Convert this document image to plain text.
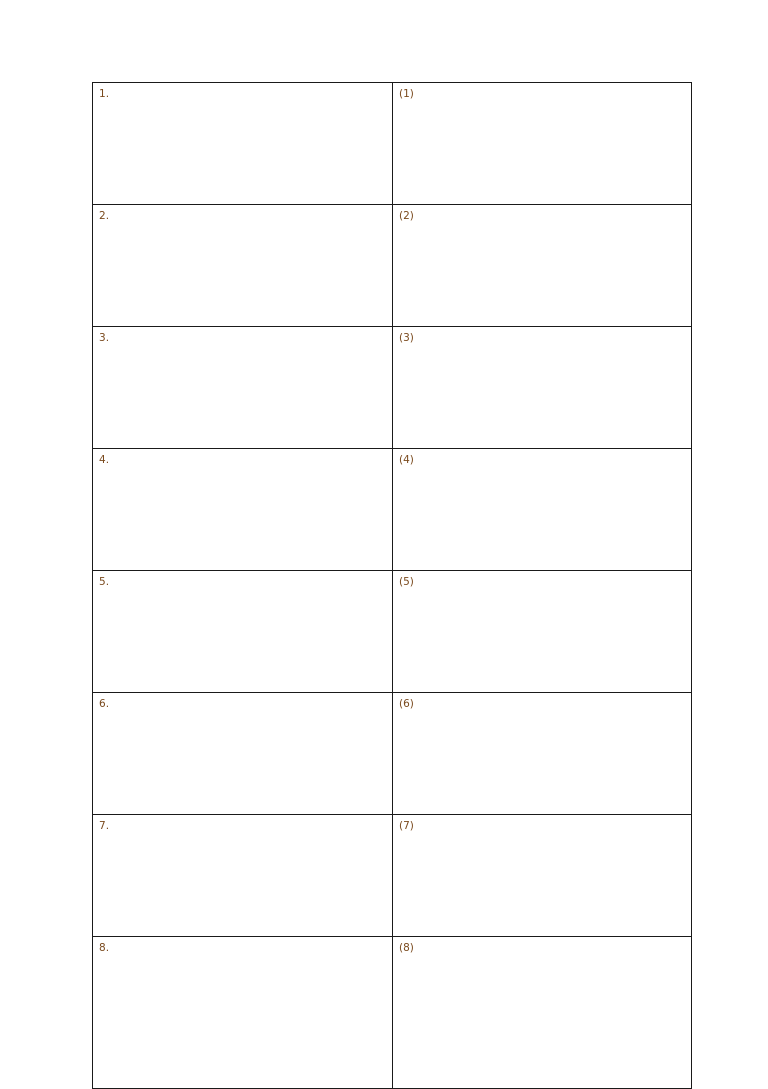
1.	(1)
2.	(2)
3.	(3)
4.	(4)
5.	(5)
6.	(6)
7.	(7)
8.	(8)
